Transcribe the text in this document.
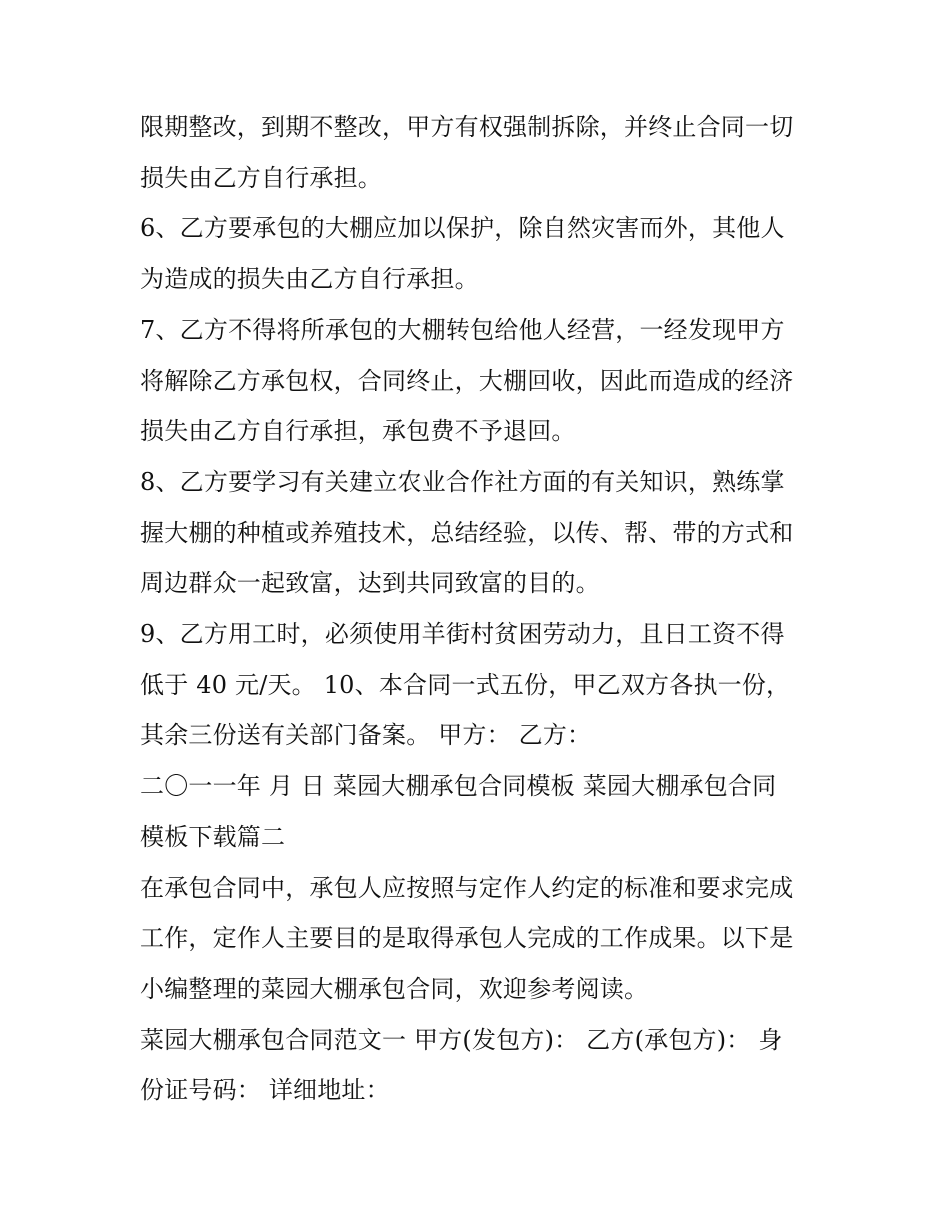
限期整改，到期不整改，甲方有权强制拆除，并终止合同一切
损失由乙方自行承担。
6、乙方要承包的大棚应加以保护，除自然灾害而外，其他人
为造成的损失由乙方自行承担。
7、乙方不得将所承包的大棚转包给他人经营，一经发现甲方
将解除乙方承包权，合同终止，大棚回收，因此而造成的经济
损失由乙方自行承担，承包费不予退回。
8、乙方要学习有关建立农业合作社方面的有关知识，熟练掌
握大棚的种植或养殖技术，总结经验，以传、帮、带的方式和
周边群众一起致富，达到共同致富的目的。
9、乙方用工时，必须使用羊街村贫困劳动力，且日工资不得
低于 40 元/天。 10、本合同一式五份，甲乙双方各执一份，
其余三份送有关部门备案。 甲方： 乙方：
二〇一一年 月 日 菜园大棚承包合同模板 菜园大棚承包合同
模板下载篇二
在承包合同中，承包人应按照与定作人约定的标准和要求完成
工作，定作人主要目的是取得承包人完成的工作成果。以下是
小编整理的菜园大棚承包合同，欢迎参考阅读。
菜园大棚承包合同范文一 甲方(发包方)： 乙方(承包方)： 身
份证号码： 详细地址：
